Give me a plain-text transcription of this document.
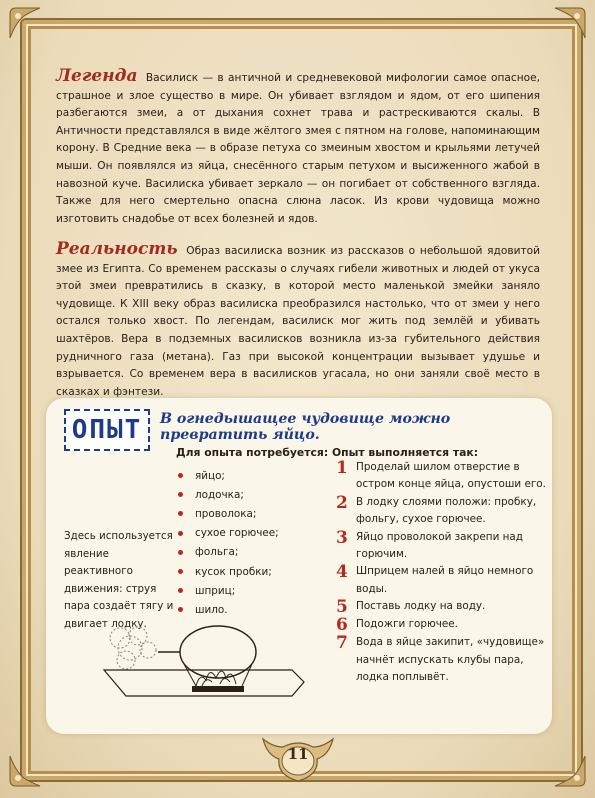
Легенда Василиск — в античной и средневековой мифологии самое опасное, страшное и злое существо в мире. Он убивает взглядом и ядом, от его шипения разбегаются змеи, а от дыхания сохнет трава и растрескиваются скалы. В Античности представлялся в виде жёлтого змея с пятном на голове, напоминающим корону. В Средние века — в образе петуха со змеиным хвостом и крыльями летучей мыши. Он появлялся из яйца, снесённого старым петухом и высиженного жабой в навозной куче. Василиска убивает зеркало — он погибает от собственного взгляда. Также для него смертельно опасна слюна ласок. Из крови чудовища можно изготовить снадобье от всех болезней и ядов.
Реальность Образ василиска возник из рассказов о небольшой ядовитой змее из Египта. Со временем рассказы о случаях гибели животных и людей от укуса этой змеи превратились в сказку, в которой место маленькой змейки заняло чудовище. К XIII веку образ василиска преобразился настолько, что от змеи у него остался только хвост. По легендам, василиск мог жить под землёй и убивать шахтёров. Вера в подземных василисков возникла из-за губительного действия рудничного газа (метана). Газ при высокой концентрации вызывает удушье и взрывается. Со временем вера в василисков угасала, но они заняли своё место в сказках и фэнтези.
ОПЫТ В огнедышащее чудовище можно превратить яйцо.
Для опыта потребуется: Опыт выполняется так:
яйцо;
лодочка;
проволока;
сухое горючее;
фольга;
кусок пробки;
шприц;
шило.
1 Проделай шилом отверстие в остром конце яйца, опустоши его.
2 В лодку слоями положи: пробку, фольгу, сухое горючее.
3 Яйцо проволокой закрепи над горючим.
4 Шприцем налей в яйцо немного воды.
5 Поставь лодку на воду.
6 Подожги горючее.
7 Вода в яйце закипит, «чудовище» начнёт испускать клубы пара, лодка поплывёт.
Здесь используется явление реактивного движения: струя пара создаёт тягу и двигает лодку.
11
